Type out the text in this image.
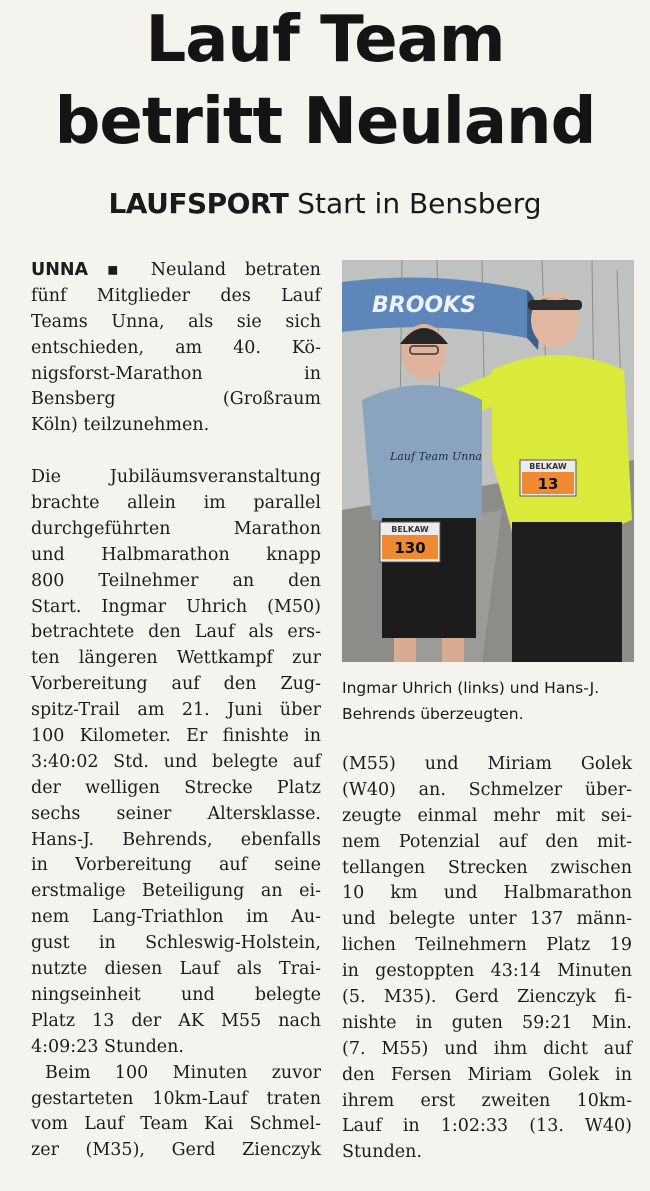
Lauf Team
betritt Neuland
LAUFSPORT Start in Bensberg
UNNA ▪ Neuland betraten
fünf Mitglieder des Lauf
Teams Unna, als sie sich
entschieden, am 40. Kö-
nigsforst-Marathon in
Bensberg (Großraum
Köln) teilzunehmen.
Die Jubiläumsveranstaltung
brachte allein im parallel
durchgeführten Marathon
und Halbmarathon knapp
800 Teilnehmer an den
Start. Ingmar Uhrich (M50)
betrachtete den Lauf als ers-
ten längeren Wettkampf zur
Vorbereitung auf den Zug-
spitz-Trail am 21. Juni über
100 Kilometer. Er finishte in
3:40:02 Std. und belegte auf
der welligen Strecke Platz
sechs seiner Altersklasse.
Hans-J. Behrends, ebenfalls
in Vorbereitung auf seine
erstmalige Beteiligung an ei-
nem Lang-Triathlon im Au-
gust in Schleswig-Holstein,
nutzte diesen Lauf als Trai-
ningseinheit und belegte
Platz 13 der AK M55 nach
4:09:23 Stunden.
Beim 100 Minuten zuvor
gestarteten 10km-Lauf traten
vom Lauf Team Kai Schmel-
zer (M35), Gerd Zienczyk
BROOKS
BELKAW
13
Lauf Team Unna
BELKAW
130
Ingmar Uhrich (links) und Hans-J.
Behrends überzeugten.
(M55) und Miriam Golek
(W40) an. Schmelzer über-
zeugte einmal mehr mit sei-
nem Potenzial auf den mit-
tellangen Strecken zwischen
10 km und Halbmarathon
und belegte unter 137 männ-
lichen Teilnehmern Platz 19
in gestoppten 43:14 Minuten
(5. M35). Gerd Zienczyk fi-
nishte in guten 59:21 Min.
(7. M55) und ihm dicht auf
den Fersen Miriam Golek in
ihrem erst zweiten 10km-
Lauf in 1:02:33 (13. W40)
Stunden.
